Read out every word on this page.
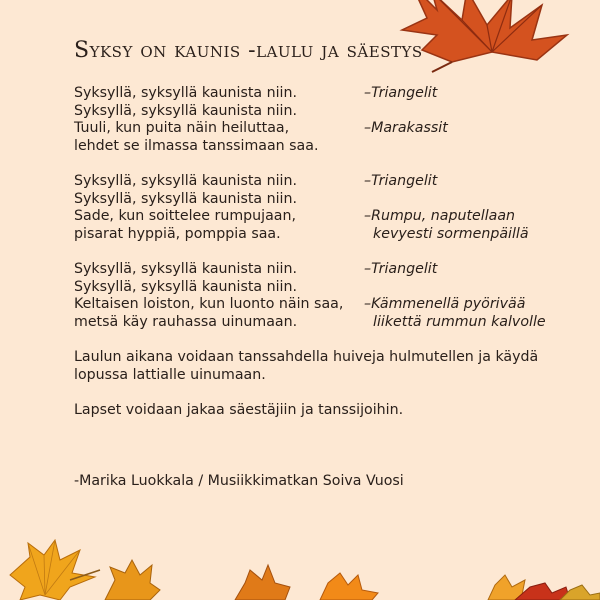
Syksy on kaunis -laulu ja säestys
Syksyllä, syksyllä kaunista niin.	–Triangelit
Syksyllä, syksyllä kaunista niin.
Tuuli, kun puita näin heiluttaa,	–Marakassit
lehdet se ilmassa tanssimaan saa.
Syksyllä, syksyllä kaunista niin.	–Triangelit
Syksyllä, syksyllä kaunista niin.
Sade, kun soittelee rumpujaan,	–Rumpu, naputellaan
pisarat hyppiä, pomppia saa.	kevyesti sormenpäillä
Syksyllä, syksyllä kaunista niin.	–Triangelit
Syksyllä, syksyllä kaunista niin.
Keltaisen loiston, kun luonto näin saa, –Kämmenellä pyörivää
metsä käy rauhassa uinumaan.	liikettä rummun kalvolle
Laulun aikana voidaan tanssahdella huiveja hulmutellen ja käydä lopussa lattialle uinumaan.
Lapset voidaan jakaa säestäjiin ja tanssijoihin.
-Marika Luokkala / Musiikkimatkan Soiva Vuosi
